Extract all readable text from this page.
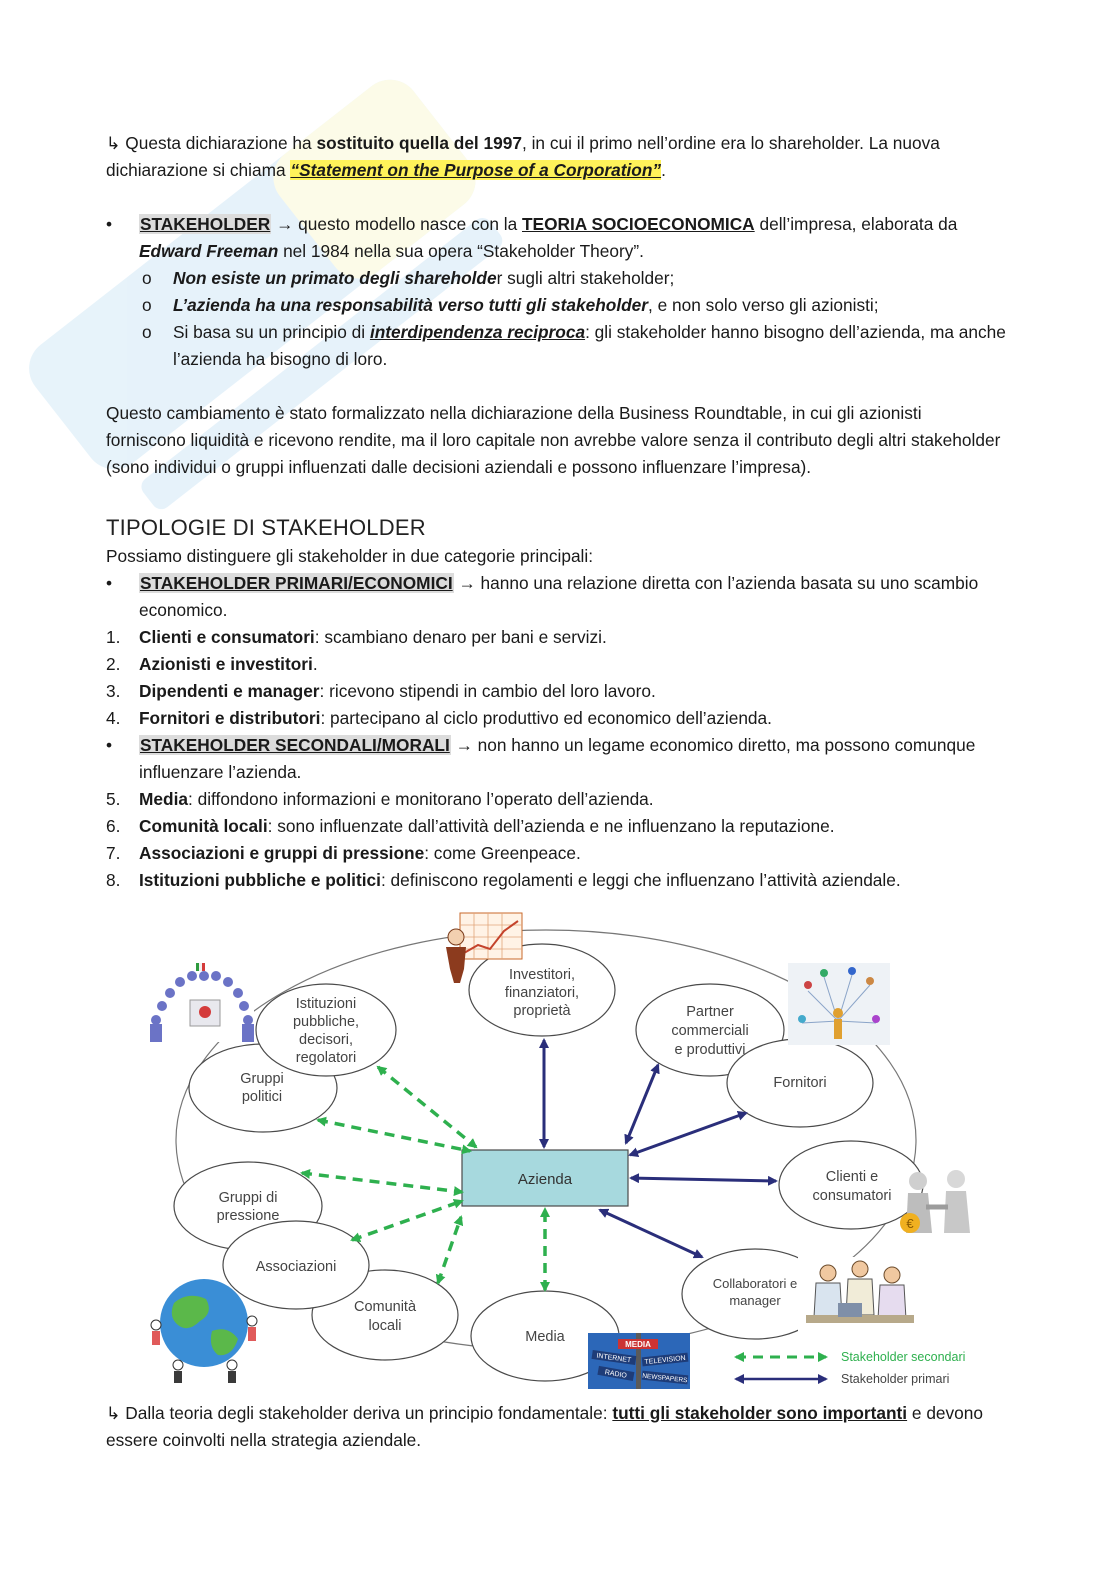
↳ Questa dichiarazione ha sostituito quella del 1997, in cui il primo nell’ordine era lo shareholder. La nuova dichiarazione si chiama “Statement on the Purpose of a Corporation”.

• STAKEHOLDER → questo modello nasce con la TEORIA SOCIOECONOMICA dell’impresa, elaborata da Edward Freeman nel 1984 nella sua opera “Stakeholder Theory”.

o Non esiste un primato degli shareholder sugli altri stakeholder;

o L’azienda ha una responsabilità verso tutti gli stakeholder, e non solo verso gli azionisti;

o Si basa su un principio di interdipendenza reciproca: gli stakeholder hanno bisogno dell’azienda, ma anche l’azienda ha bisogno di loro.

Questo cambiamento è stato formalizzato nella dichiarazione della Business Roundtable, in cui gli azionisti forniscono liquidità e ricevono rendite, ma il loro capitale non avrebbe valore senza il contributo degli altri stakeholder (sono individui o gruppi influenzati dalle decisioni aziendali e possono influenzare l’impresa).

TIPOLOGIE DI STAKEHOLDER

Possiamo distinguere gli stakeholder in due categorie principali:

• STAKEHOLDER PRIMARI/ECONOMICI → hanno una relazione diretta con l’azienda basata su uno scambio economico.

1. Clienti e consumatori: scambiano denaro per bani e servizi.

2. Azionisti e investitori.

3. Dipendenti e manager: ricevono stipendi in cambio del loro lavoro.

4. Fornitori e distributori: partecipano al ciclo produttivo ed economico dell’azienda.

• STAKEHOLDER SECONDALI/MORALI → non hanno un legame economico diretto, ma possono comunque influenzare l’azienda.

5. Media: diffondono informazioni e monitorano l’operato dell’azienda.

6. Comunità locali: sono influenzate dall’attività dell’azienda e ne influenzano la reputazione.

7. Associazioni e gruppi di pressione: come Greenpeace.

8. Istituzioni pubbliche e politici: definiscono regolamenti e leggi che influenzano l’attività aziendale.

Azienda
Investitori, finanziatori, proprietà
Istituzioni pubbliche, decisori, regolatori
Gruppi politici
Partner commerciali e produttivi
Fornitori
Clienti e consumatori
Collaboratori e manager
Media
Comunità locali
Gruppi di pressione
Associazioni
€
MEDIA
INTERNET TELEVISION
RADIO NEWSPAPERS
Stakeholder secondari
Stakeholder primari

↳ Dalla teoria degli stakeholder deriva un principio fondamentale: tutti gli stakeholder sono importanti e devono essere coinvolti nella strategia aziendale.
